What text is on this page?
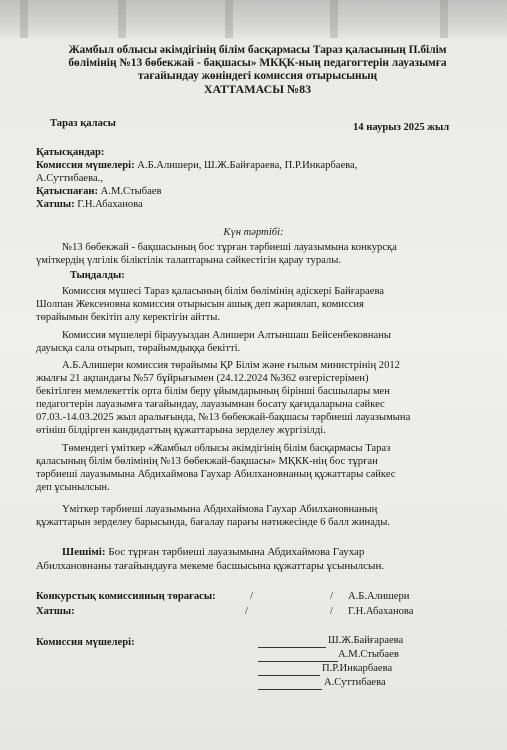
Жамбыл облысы әкімдігінің білім басқармасы Тараз қаласының П.білім
бөлімінің №13 бөбекжай - бақшасы» МКҚК-ның педагогтерін лауазымға
тағайындау жөніндегі комиссия отырысының
ХАТТАМАСЫ №83
Тараз қаласы	14 наурыз 2025 жыл
Қатысқандар:
Комиссия мүшелері: А.Б.Алишери, Ш.Ж.Байғараева, П.Р.Инкарбаева,
А.Суттибаева.,
Қатыспаған: А.М.Стыбаев
Хатшы: Г.Н.Абаханова
Күн тәртібі:
№13 бөбекжай - бақшасының бос тұрған тәрбиеші лауазымына конкурсқа
үміткердің үлгілік біліктілік талаптарына сәйкестігін қарау туралы.
Тыңдалды:
Комиссия мүшесі Тараз қаласының білім бөлімінің әдіскері Байғараева
Шолпан Жексеновна комиссия отырысын ашық деп жариялап, комиссия
төрайымын бекітіп алу керектігін айтты.
Комиссия мүшелері біраууыздан Алишери Алтыншаш Бейсенбековнаны
дауысқа сала отырып, төрайымдыққа бекітті.
А.Б.Алишери комиссия төрайымы ҚР Білім және ғылым министрінің 2012
жылғы 21 ақпандағы №57 бұйрығымен (24.12.2024 №362 өзгерістерімен)
бекітілген мемлекеттік орта білім беру ұйымдарының бірінші басшылары мен
педагогтерін лауазымға тағайындау, лауазымнан босату қағидаларына сәйкес
07.03.-14.03.2025 жыл аралығында, №13 бөбекжай-бақшасы тәрбиеші лауазымына
өтініш білдірген кандидаттың құжаттарына зерделеу жүргізілді.
Төмендегі үміткер «Жамбыл облысы әкімдігінің білім басқармасы Тараз
қаласының білім бөлімінің №13 бөбекжай-бақшасы» МҚКК-нің бос тұрған
тәрбиеші лауазымына Абдихаймова Гаухар Абилхановнаның құжаттары сәйкес
деп ұсынылсын.
Үміткер тәрбиеші лауазымына Абдихаймова Гаухар Абилхановнаның
құжаттарын зерделеу барысында, бағалау парағы нәтижесінде 6 балл жинады.
Шешімі: Бос тұрған тәрбиеші лауазымына Абдихаймова Гаухар
Абилхановнаны тағайындауға мекеме басшысына құжаттары ұсынылсын.
Конкурстық комиссияның төрағасы:	/	/ А.Б.Алишери
Хатшы:	/	/ Г.Н.Абаханова
Комиссия мүшелері:	Ш.Ж.Байғараева
А.М.Стыбаев
П.Р.Инкарбаева
А.Суттибаева
